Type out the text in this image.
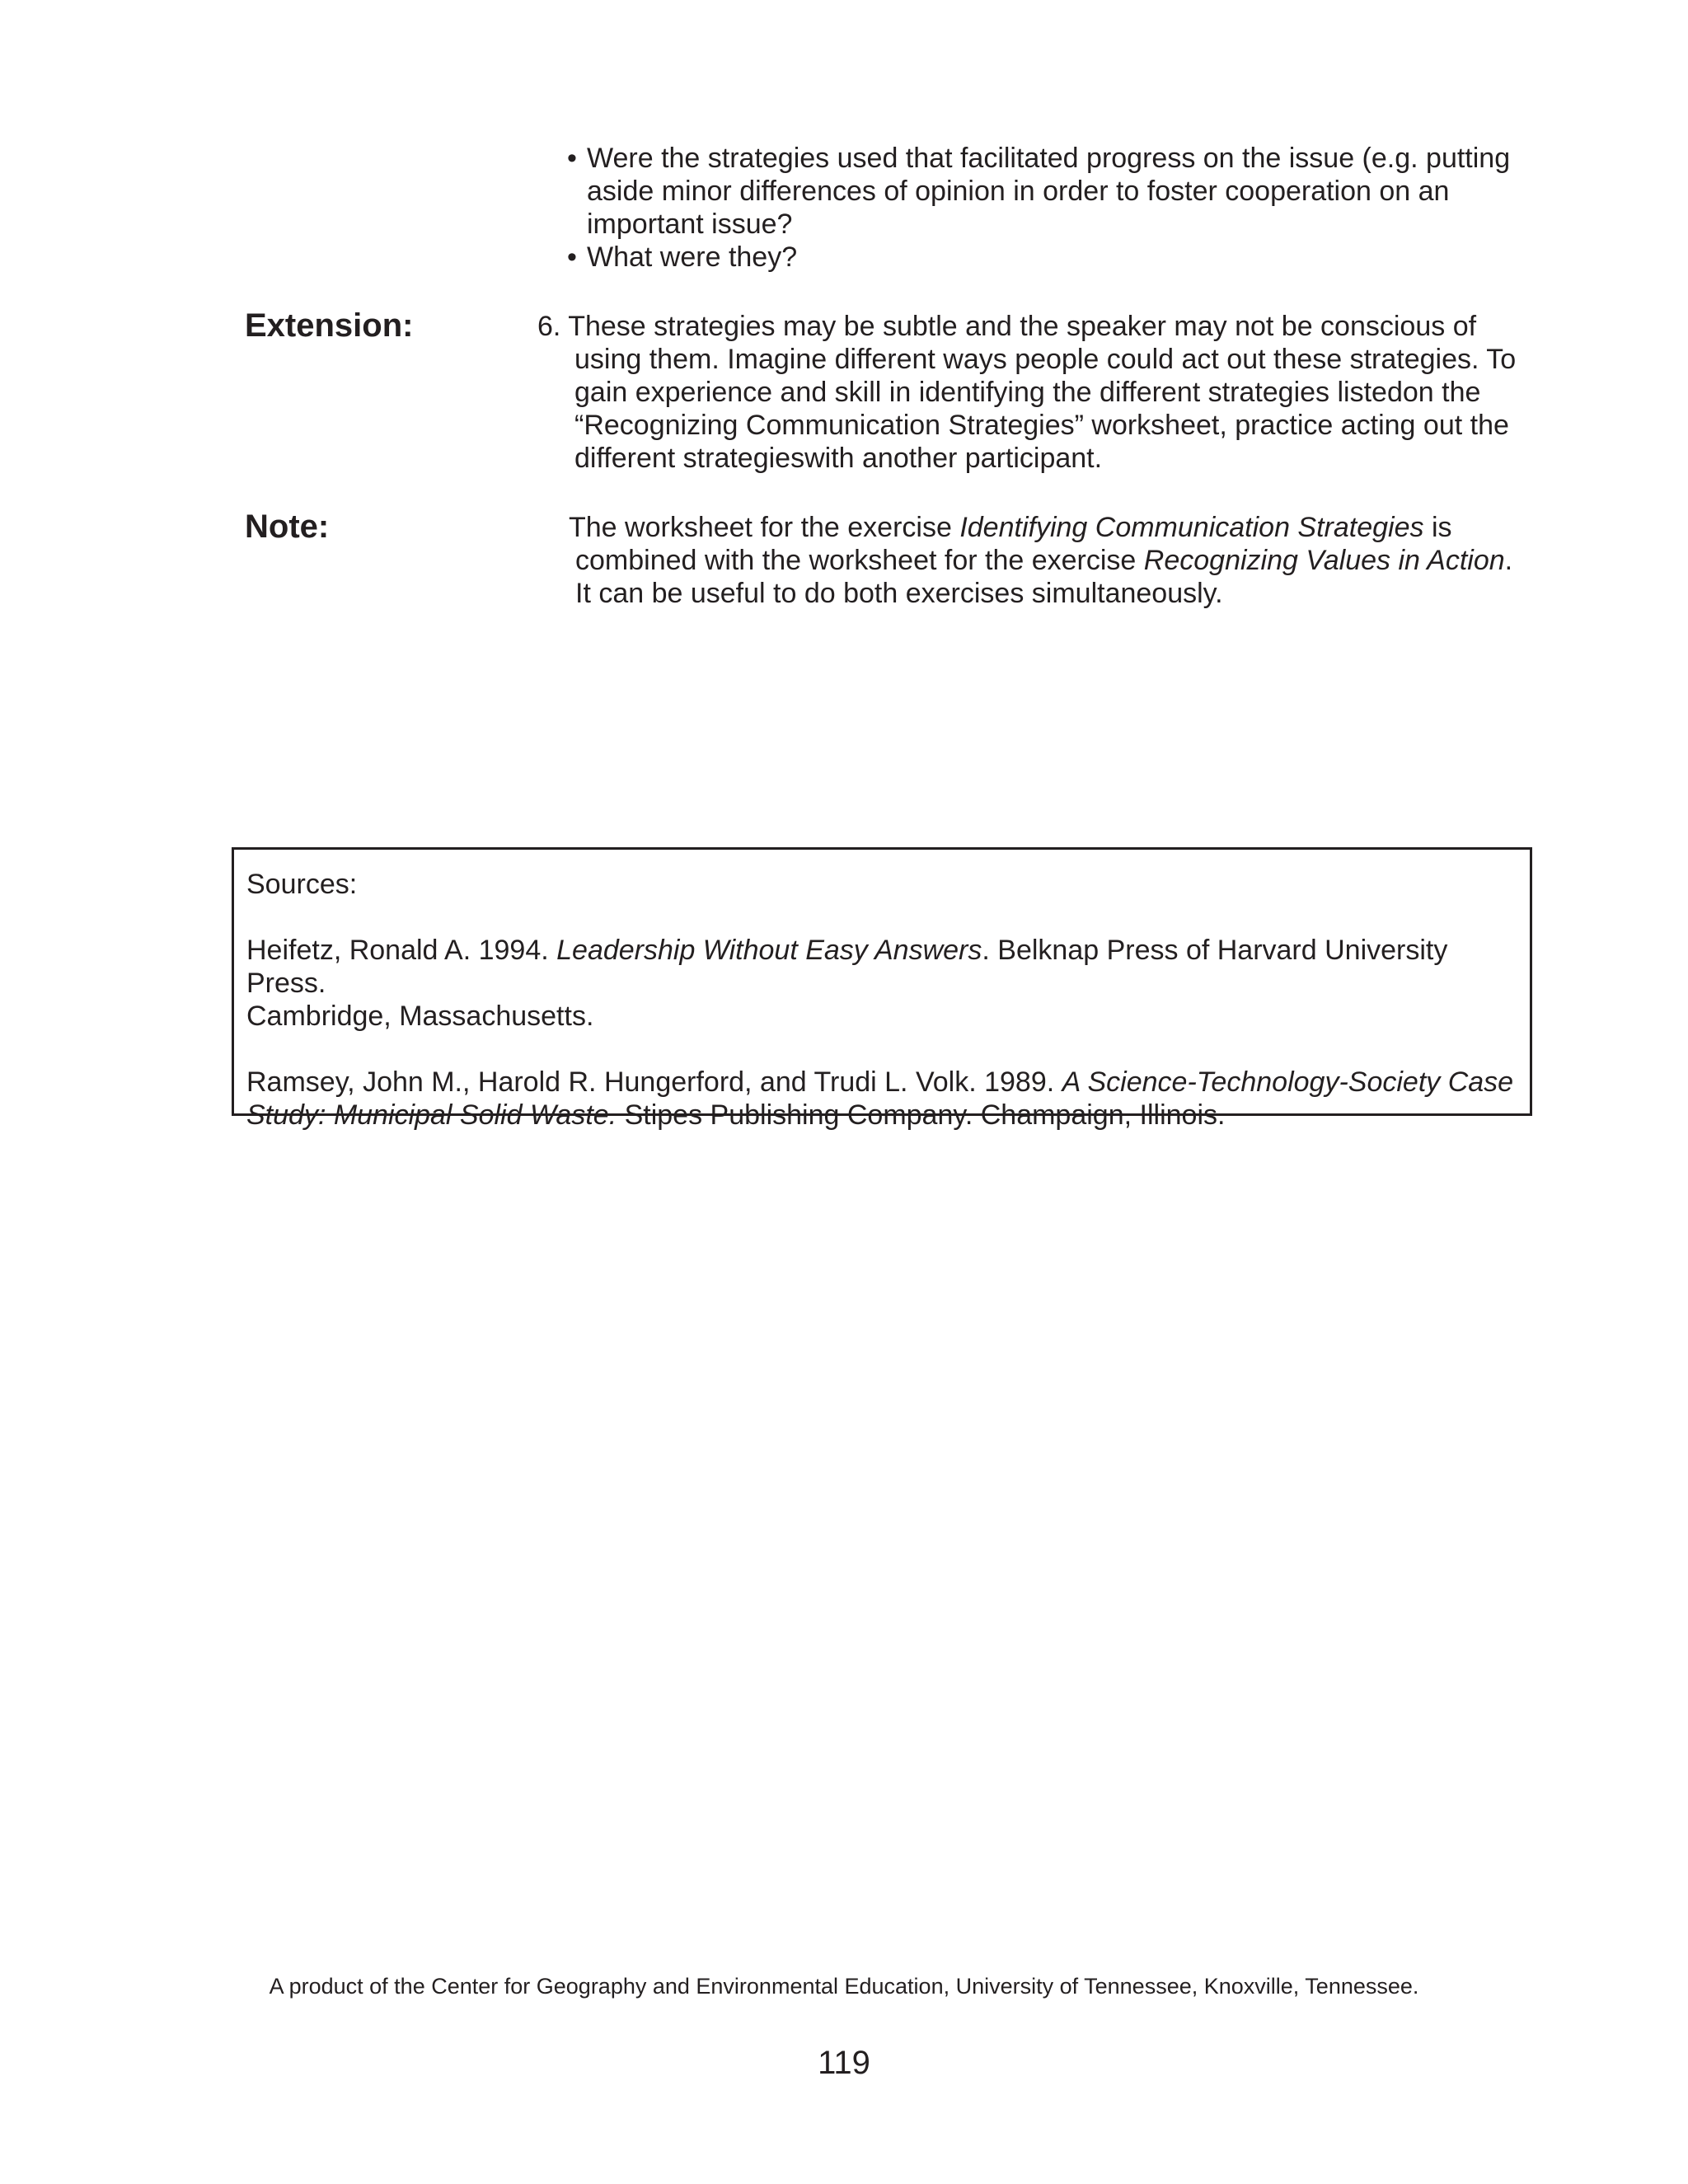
• Were the strategies used that facilitated progress on the issue (e.g. putting
aside minor differences of opinion in order to foster cooperation on an
important issue?
• What were they?
Extension:	6. These strategies may be subtle and the speaker may not be conscious of
using them. Imagine different ways people could act out these strategies. To
gain experience and skill in identifying the different strategies listedon the
“Recognizing Communication Strategies” worksheet, practice acting out the
different strategieswith another participant.
Note:	The worksheet for the exercise Identifying Communication Strategies is
combined with the worksheet for the exercise Recognizing Values in Action.
It can be useful to do both exercises simultaneously.
Sources:
Heifetz, Ronald A. 1994. Leadership Without Easy Answers. Belknap Press of Harvard University Press.
Cambridge, Massachusetts.
Ramsey, John M., Harold R. Hungerford, and Trudi L. Volk. 1989. A Science-Technology-Society Case
Study: Municipal Solid Waste. Stipes Publishing Company. Champaign, Illinois.
A product of the Center for Geography and Environmental Education, University of Tennessee, Knoxville, Tennessee.
119
